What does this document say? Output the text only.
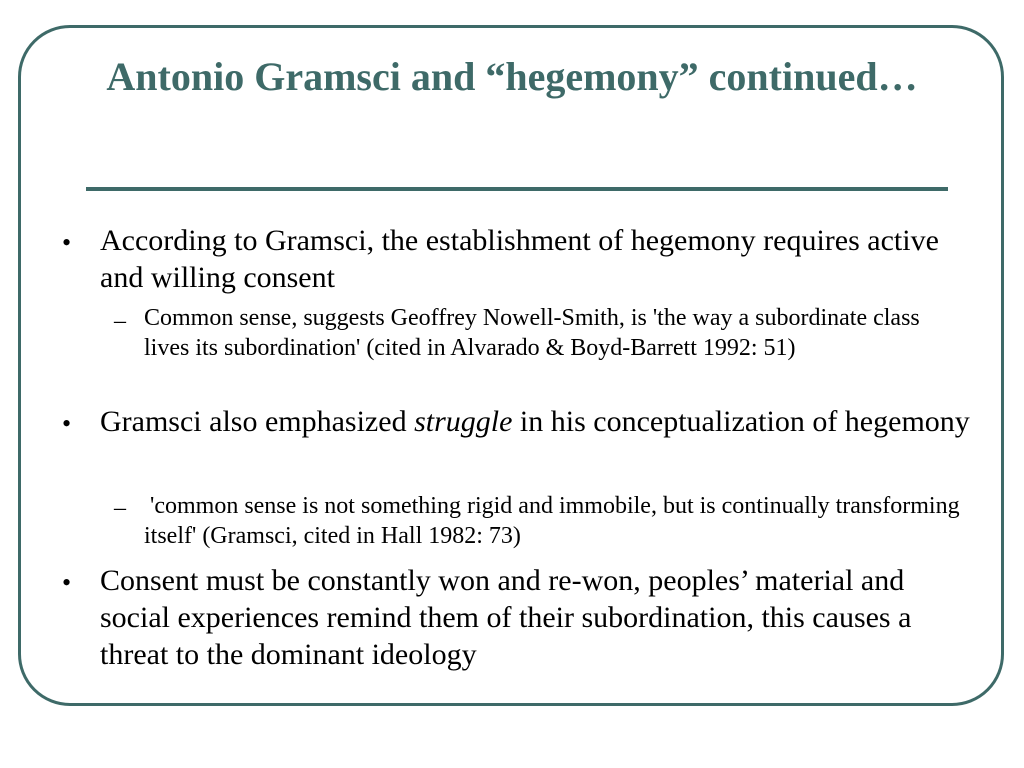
Antonio Gramsci and “hegemony” continued…
• According to Gramsci, the establishment of hegemony requires active and willing consent

– Common sense, suggests Geoffrey Nowell-Smith, is 'the way a subordinate class lives its subordination' (cited in Alvarado & Boyd-Barrett 1992: 51)

• Gramsci also emphasized struggle in his conceptualization of hegemony

– 'common sense is not something rigid and immobile, but is continually transforming itself' (Gramsci, cited in Hall 1982: 73)

• Consent must be constantly won and re-won, peoples’ material and social experiences remind them of their subordination, this causes a threat to the dominant ideology
